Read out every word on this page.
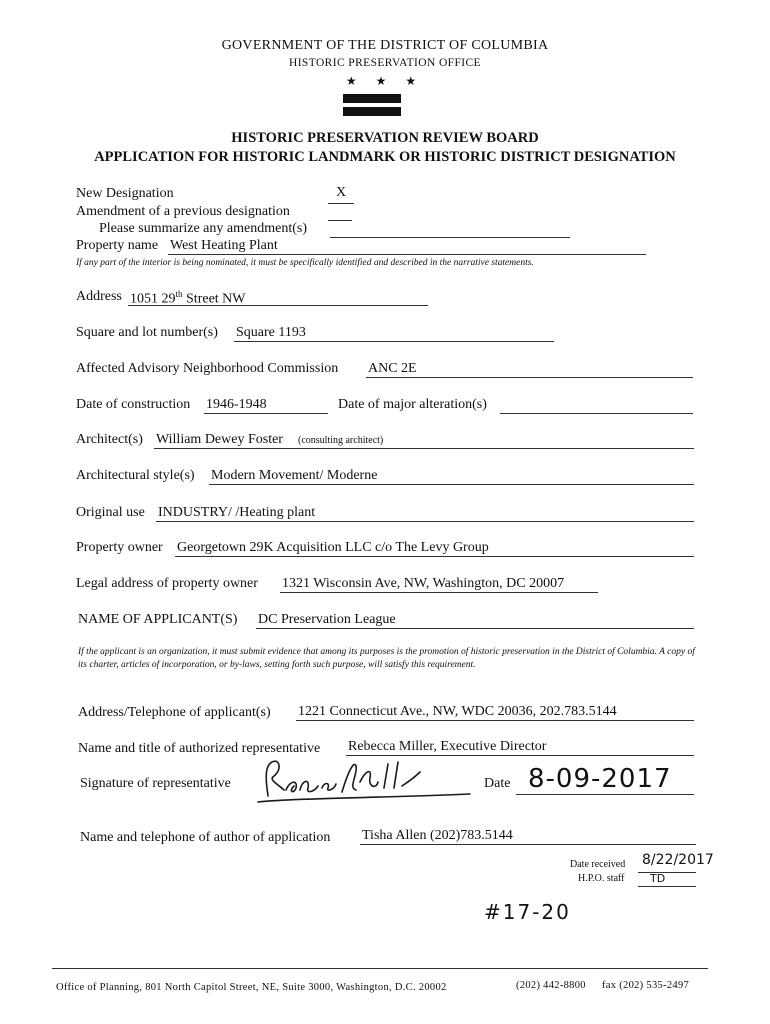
GOVERNMENT OF THE DISTRICT OF COLUMBIA
HISTORIC PRESERVATION OFFICE
★ ★ ★
HISTORIC PRESERVATION REVIEW BOARD
APPLICATION FOR HISTORIC LANDMARK OR HISTORIC DISTRICT DESIGNATION
New Designation	X
Amendment of a previous designation
Please summarize any amendment(s)
Property name West Heating Plant
If any part of the interior is being nominated, it must be specifically identified and described in the narrative statements.
Address 1051 29th Street NW
Square and lot number(s) Square 1193
Affected Advisory Neighborhood Commission ANC 2E
Date of construction 1946-1948	Date of major alteration(s)
Architect(s) William Dewey Foster (consulting architect)
Architectural style(s) Modern Movement/ Moderne
Original use INDUSTRY/ /Heating plant
Property owner Georgetown 29K Acquisition LLC c/o The Levy Group
Legal address of property owner 1321 Wisconsin Ave, NW, Washington, DC 20007
NAME OF APPLICANT(S) DC Preservation League
If the applicant is an organization, it must submit evidence that among its purposes is the promotion of historic preservation in the District of Columbia. A copy of its charter, articles of incorporation, or by-laws, setting forth such purpose, will satisfy this requirement.
Address/Telephone of applicant(s) 1221 Connecticut Ave., NW, WDC 20036, 202.783.5144
Name and title of authorized representative Rebecca Miller, Executive Director
Signature of representative	Date 8-09-2017
Name and telephone of author of application Tisha Allen (202)783.5144
Date received 8/22/2017
H.P.O. staff TD
#17-20
Office of Planning, 801 North Capitol Street, NE, Suite 3000, Washington, D.C. 20002	(202) 442-8800 fax (202) 535-2497
